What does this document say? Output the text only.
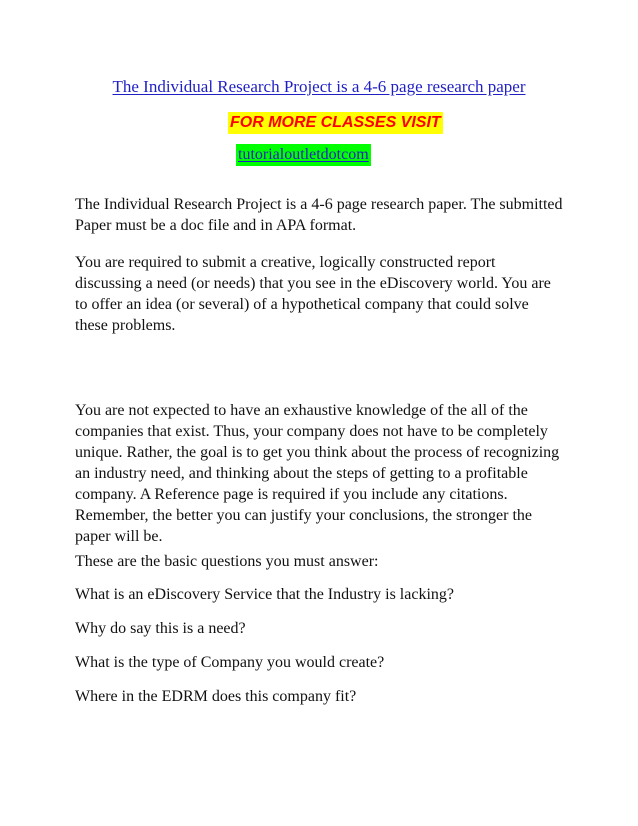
The Individual Research Project is a 4-6 page research paper
FOR MORE CLASSES VISIT
tutorialoutletdotcom

The Individual Research Project is a 4-6 page research paper. The submitted Paper must be a doc file and in APA format.

You are required to submit a creative, logically constructed report discussing a need (or needs) that you see in the eDiscovery world. You are to offer an idea (or several) of a hypothetical company that could solve these problems.

You are not expected to have an exhaustive knowledge of the all of the companies that exist. Thus, your company does not have to be completely unique. Rather, the goal is to get you think about the process of recognizing an industry need, and thinking about the steps of getting to a profitable company. A Reference page is required if you include any citations. Remember, the better you can justify your conclusions, the stronger the paper will be.

These are the basic questions you must answer:

What is an eDiscovery Service that the Industry is lacking?

Why do say this is a need?

What is the type of Company you would create?

Where in the EDRM does this company fit?
